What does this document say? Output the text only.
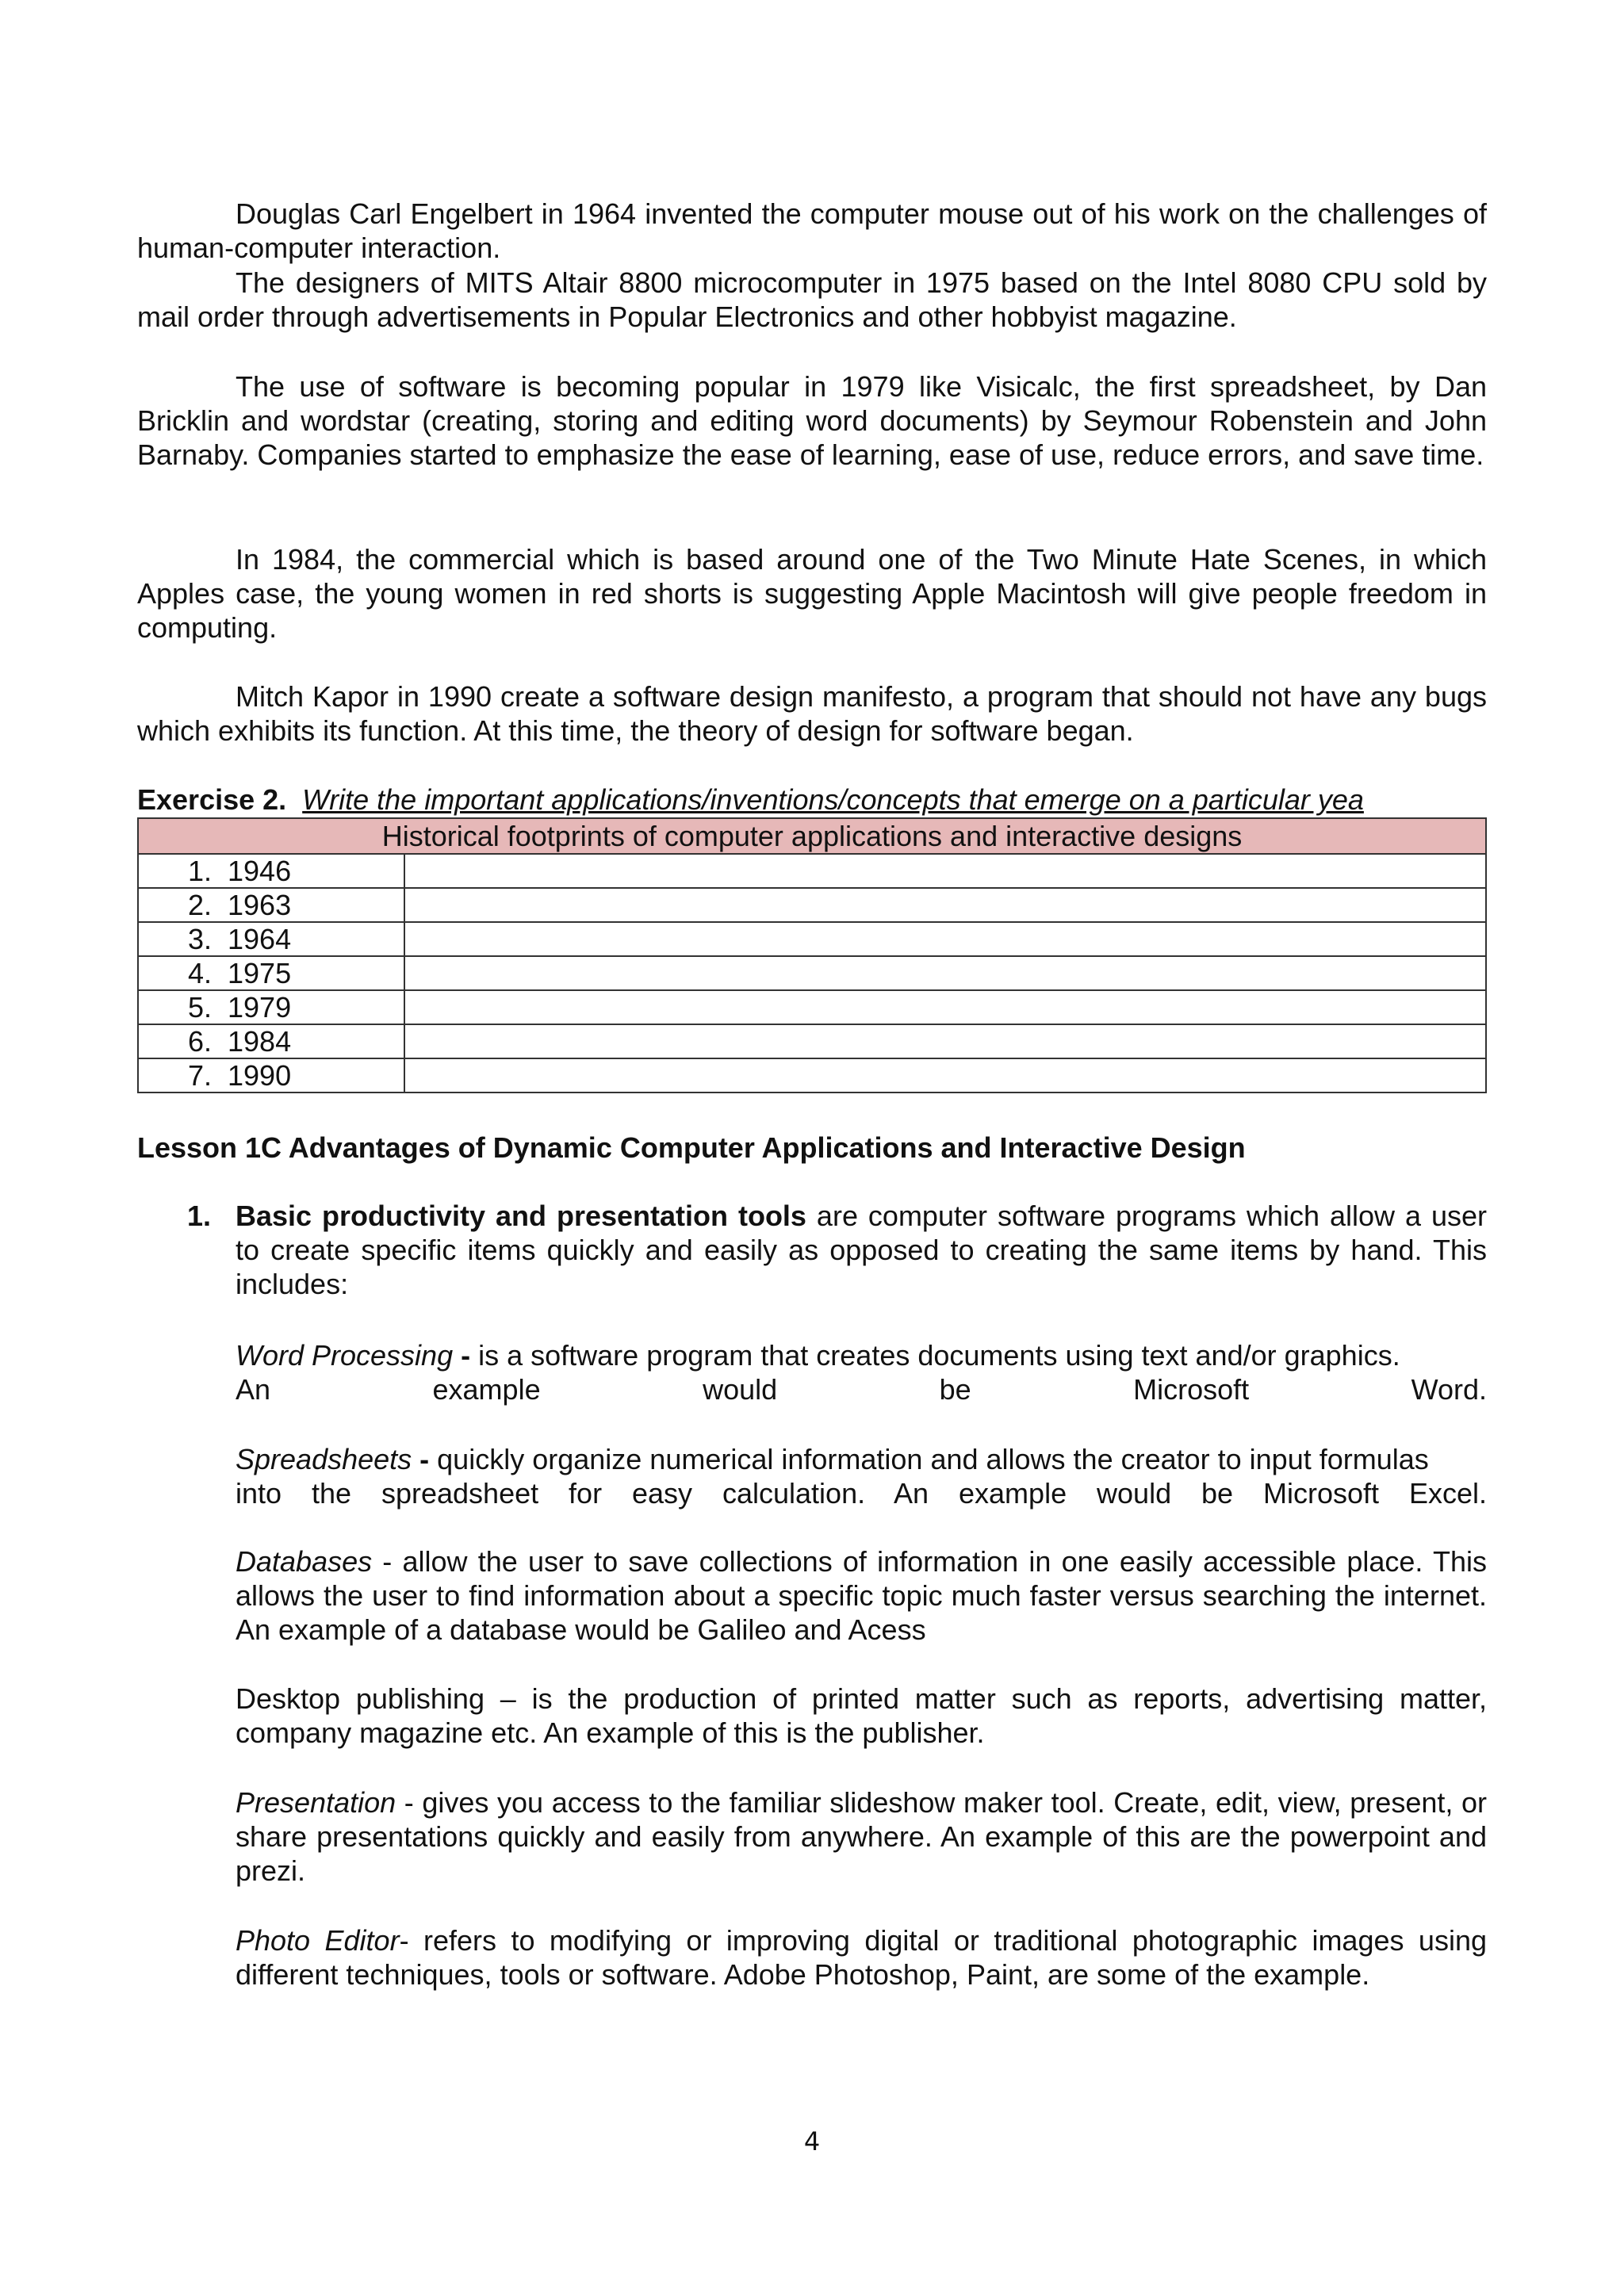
Douglas Carl Engelbert in 1964 invented the computer mouse out of his work on the challenges of human-computer interaction.
The designers of MITS Altair 8800 microcomputer in 1975 based on the Intel 8080 CPU sold by mail order through advertisements in Popular Electronics and other hobbyist magazine.
The use of software is becoming popular in 1979 like Visicalc, the first spreadsheet, by Dan Bricklin and wordstar (creating, storing and editing word documents) by Seymour Robenstein and John Barnaby. Companies started to emphasize the ease of learning, ease of use, reduce errors, and save time.
In 1984, the commercial which is based around one of the Two Minute Hate Scenes, in which Apples case, the young women in red shorts is suggesting Apple Macintosh will give people freedom in computing.
Mitch Kapor in 1990 create a software design manifesto, a program that should not have any bugs which exhibits its function. At this time, the theory of design for software began.
Exercise 2. Write the important applications/inventions/concepts that emerge on a particular yea
Historical footprints of computer applications and interactive designs	
1. 1946	
2. 1963	
3. 1964	
4. 1975	
5. 1979	
6. 1984	
7. 1990	
Lesson 1C Advantages of Dynamic Computer Applications and Interactive Design
1. Basic productivity and presentation tools are computer software programs which allow a user to create specific items quickly and easily as opposed to creating the same items by hand. This includes:
Word Processing - is a software program that creates documents using text and/or graphics.
An example would be Microsoft Word.
Spreadsheets - quickly organize numerical information and allows the creator to input formulas
into the spreadsheet for easy calculation. An example would be Microsoft Excel.
Databases - allow the user to save collections of information in one easily accessible place. This allows the user to find information about a specific topic much faster versus searching the internet. An example of a database would be Galileo and Acess
Desktop publishing – is the production of printed matter such as reports, advertising matter, company magazine etc. An example of this is the publisher.
Presentation - gives you access to the familiar slideshow maker tool. Create, edit, view, present, or share presentations quickly and easily from anywhere. An example of this are the powerpoint and prezi.
Photo Editor- refers to modifying or improving digital or traditional photographic images using different techniques, tools or software. Adobe Photoshop, Paint, are some of the example.
4
